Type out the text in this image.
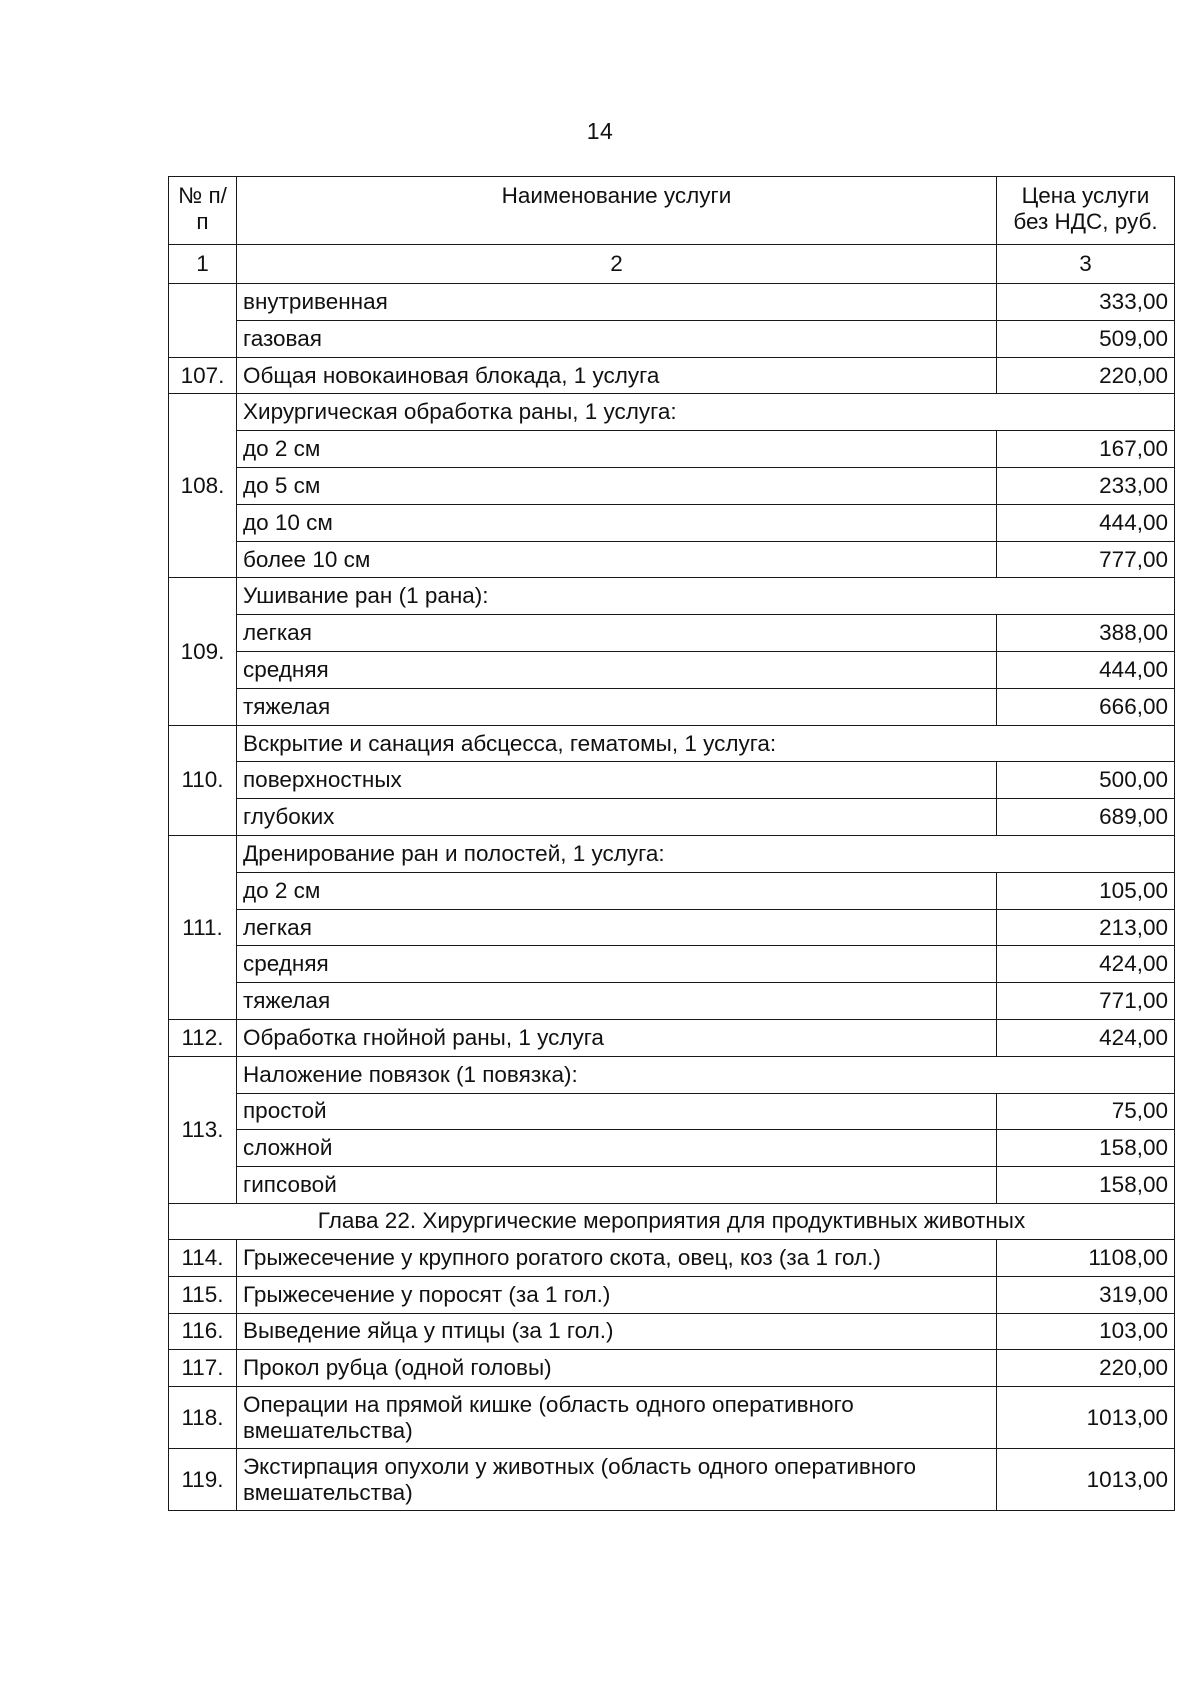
14
№ п/п	Наименование услуги	Цена услуги без НДС, руб.
1	2	3
	внутривенная	333,00
	газовая	509,00
107.	Общая новокаиновая блокада, 1 услуга	220,00
108.	Хирургическая обработка раны, 1 услуга:	
	до 2 см	167,00
	до 5 см	233,00
	до 10 см	444,00
	более 10 см	777,00
109.	Ушивание ран (1 рана):	
	легкая	388,00
	средняя	444,00
	тяжелая	666,00
110.	Вскрытие и санация абсцесса, гематомы, 1 услуга:	
	поверхностных	500,00
	глубоких	689,00
111.	Дренирование ран и полостей, 1 услуга:	
	до 2 см	105,00
	легкая	213,00
	средняя	424,00
	тяжелая	771,00
112.	Обработка гнойной раны, 1 услуга	424,00
113.	Наложение повязок (1 повязка):	
	простой	75,00
	сложной	158,00
	гипсовой	158,00
Глава 22. Хирургические мероприятия для продуктивных животных		
114.	Грыжесечение у крупного рогатого скота, овец, коз (за 1 гол.)	1108,00
115.	Грыжесечение у поросят (за 1 гол.)	319,00
116.	Выведение яйца у птицы (за 1 гол.)	103,00
117.	Прокол рубца (одной головы)	220,00
118.	Операции на прямой кишке (область одного оперативного вмешательства)	1013,00
119.	Экстирпация опухоли у животных (область одного оперативного вмешательства)	1013,00
